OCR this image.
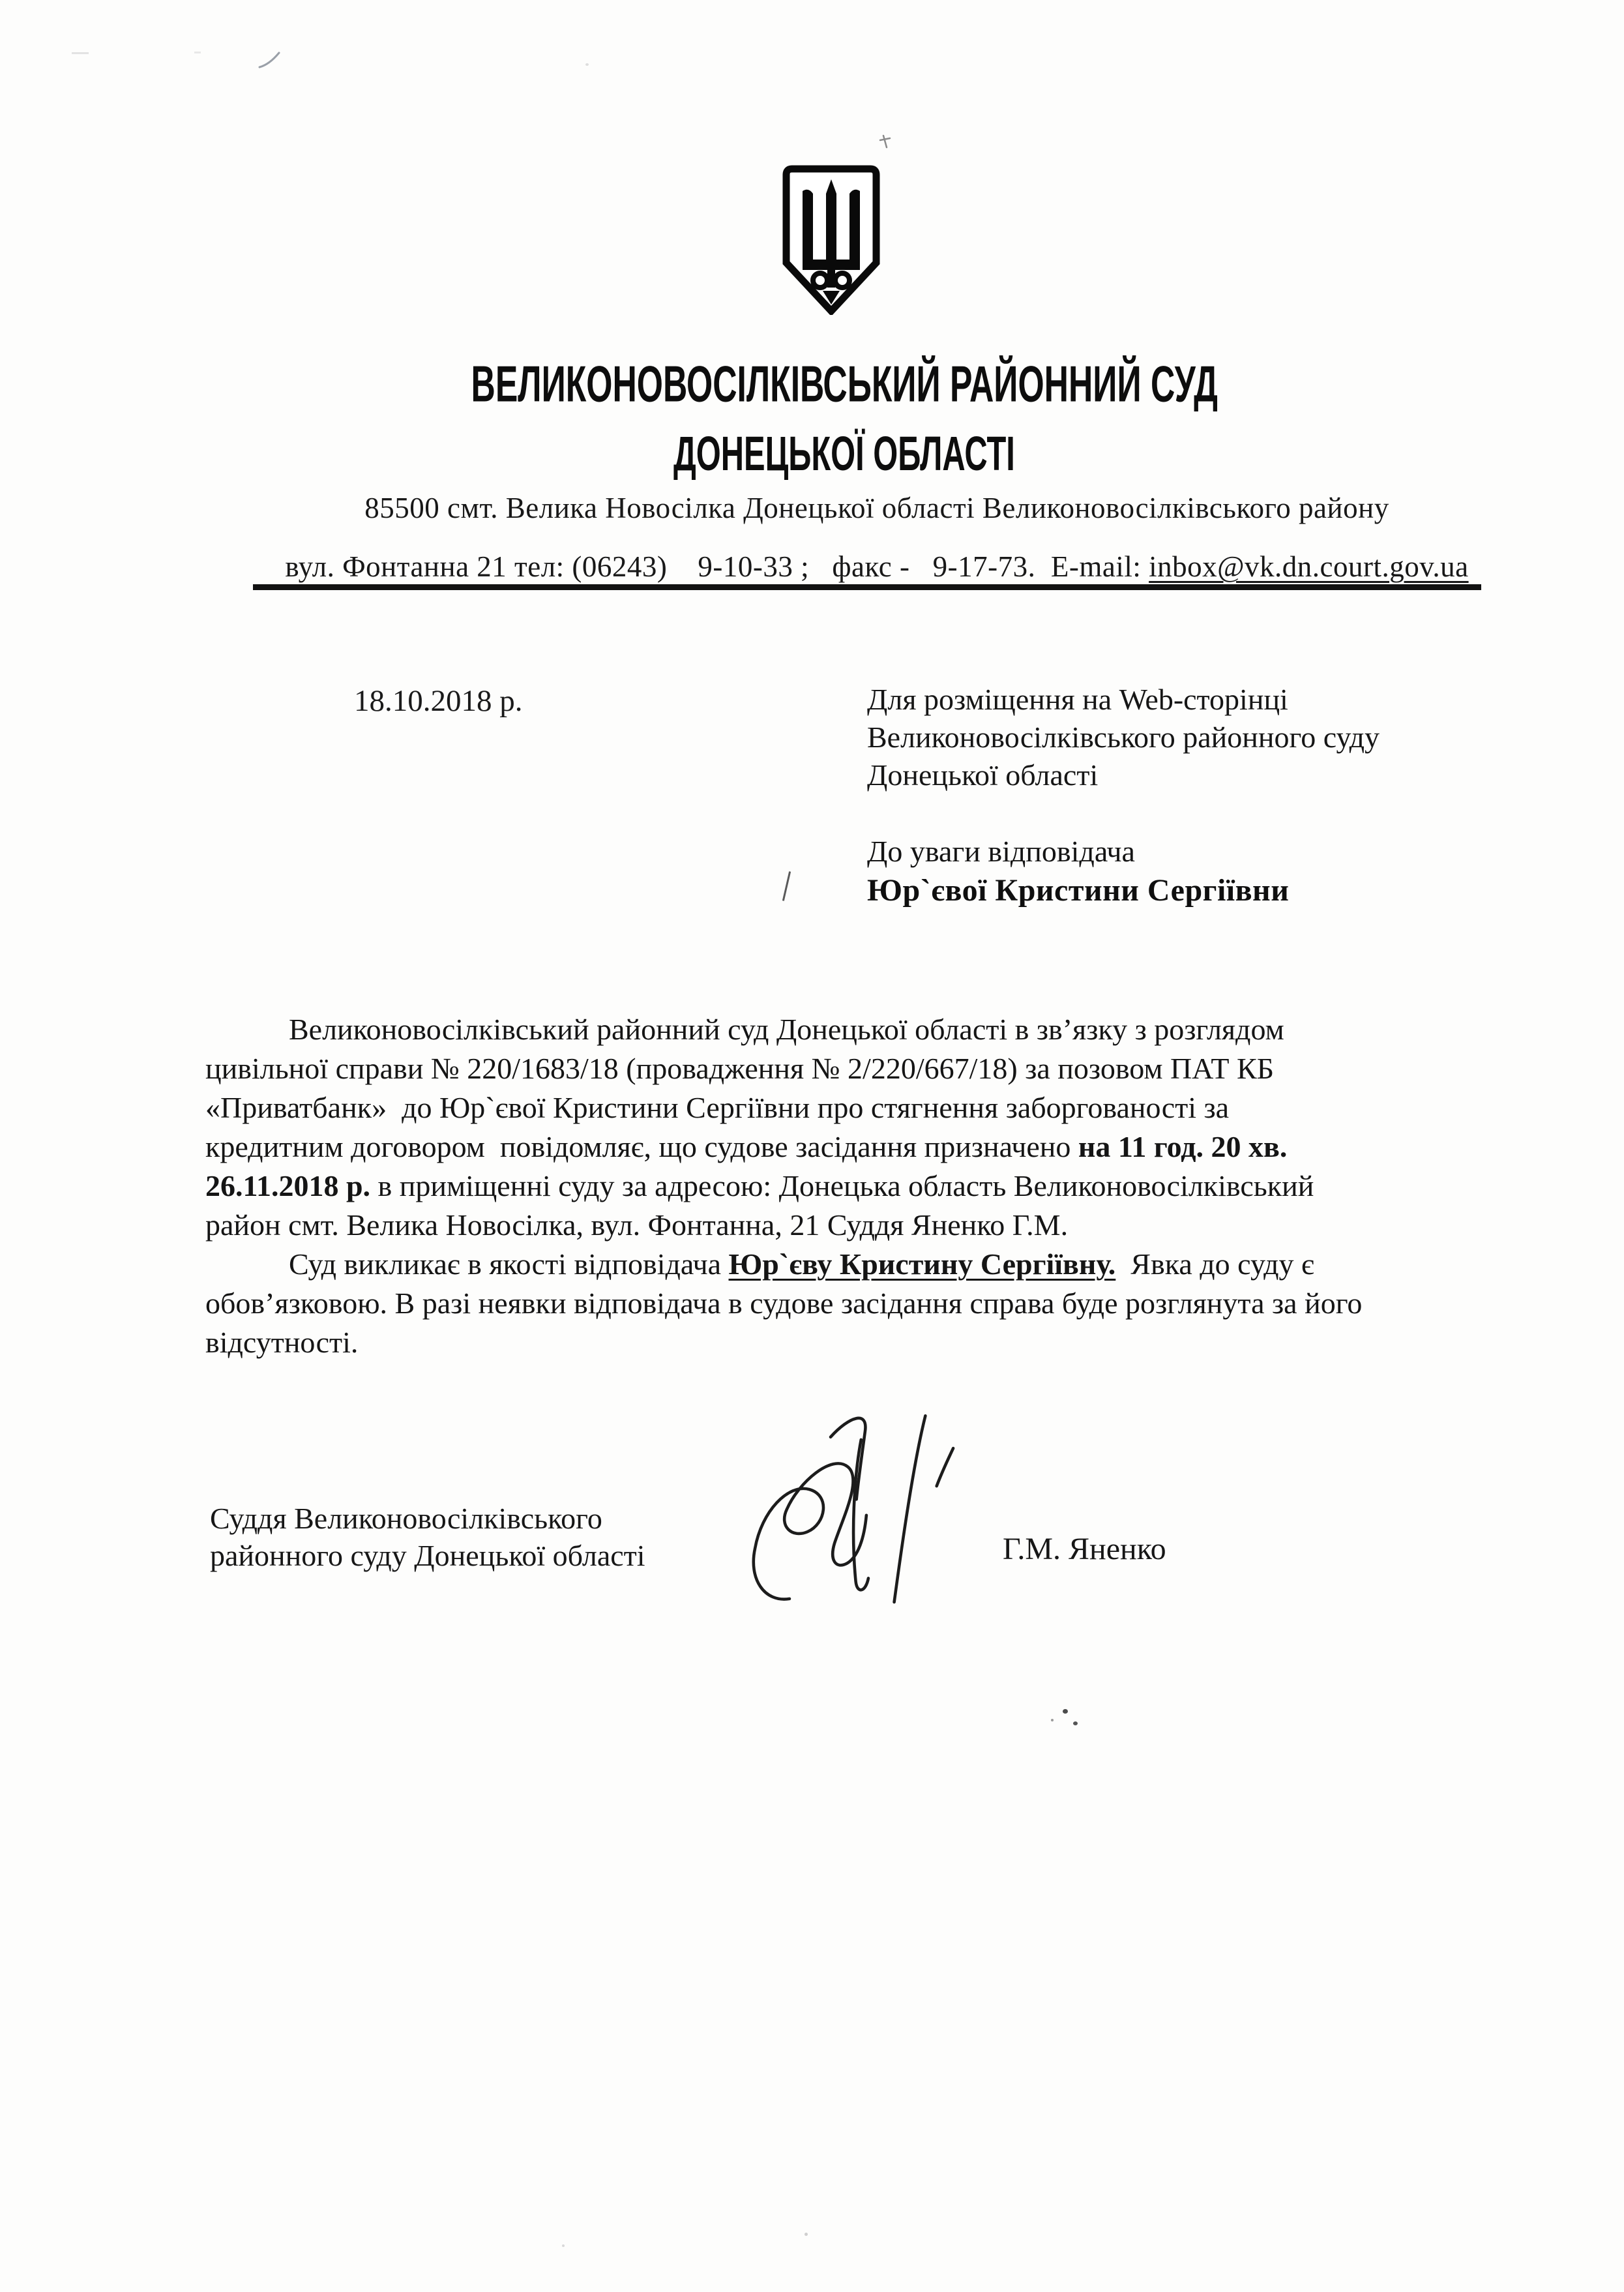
ВЕЛИКОНОВОСІЛКІВСЬКИЙ РАЙОННИЙ СУД
ДОНЕЦЬКОЇ ОБЛАСТІ
85500 смт. Велика Новосілка Донецької області Великоновосілківського району
вул. Фонтанна 21 тел: (06243)    9-10-33 ;   факс -   9-17-73.  E-mail: inbox@vk.dn.court.gov.ua
18.10.2018 р.	Для розміщення на Web-сторінці
Великоновосілківського районного суду
Донецької області
До уваги відповідача
Юр`євої Кристини Сергіївни
Великоновосілківський районний суд Донецької області в зв’язку з розглядом
цивільної справи № 220/1683/18 (провадження № 2/220/667/18) за позовом ПАТ КБ
«Приватбанк»  до Юр`євої Кристини Сергіївни про стягнення заборгованості за
кредитним договором  повідомляє, що судове засідання призначено на 11 год. 20 хв.
26.11.2018 р. в приміщенні суду за адресою: Донецька область Великоновосілківський
район смт. Велика Новосілка, вул. Фонтанна, 21 Суддя Яненко Г.М.
Суд викликає в якості відповідача Юр`єву Кристину Сергіївну.  Явка до суду є
обов’язковою. В разі неявки відповідача в судове засідання справа буде розглянута за його
відсутності.
Суддя Великоновосілківського
районного суду Донецької області	Г.М. Яненко
